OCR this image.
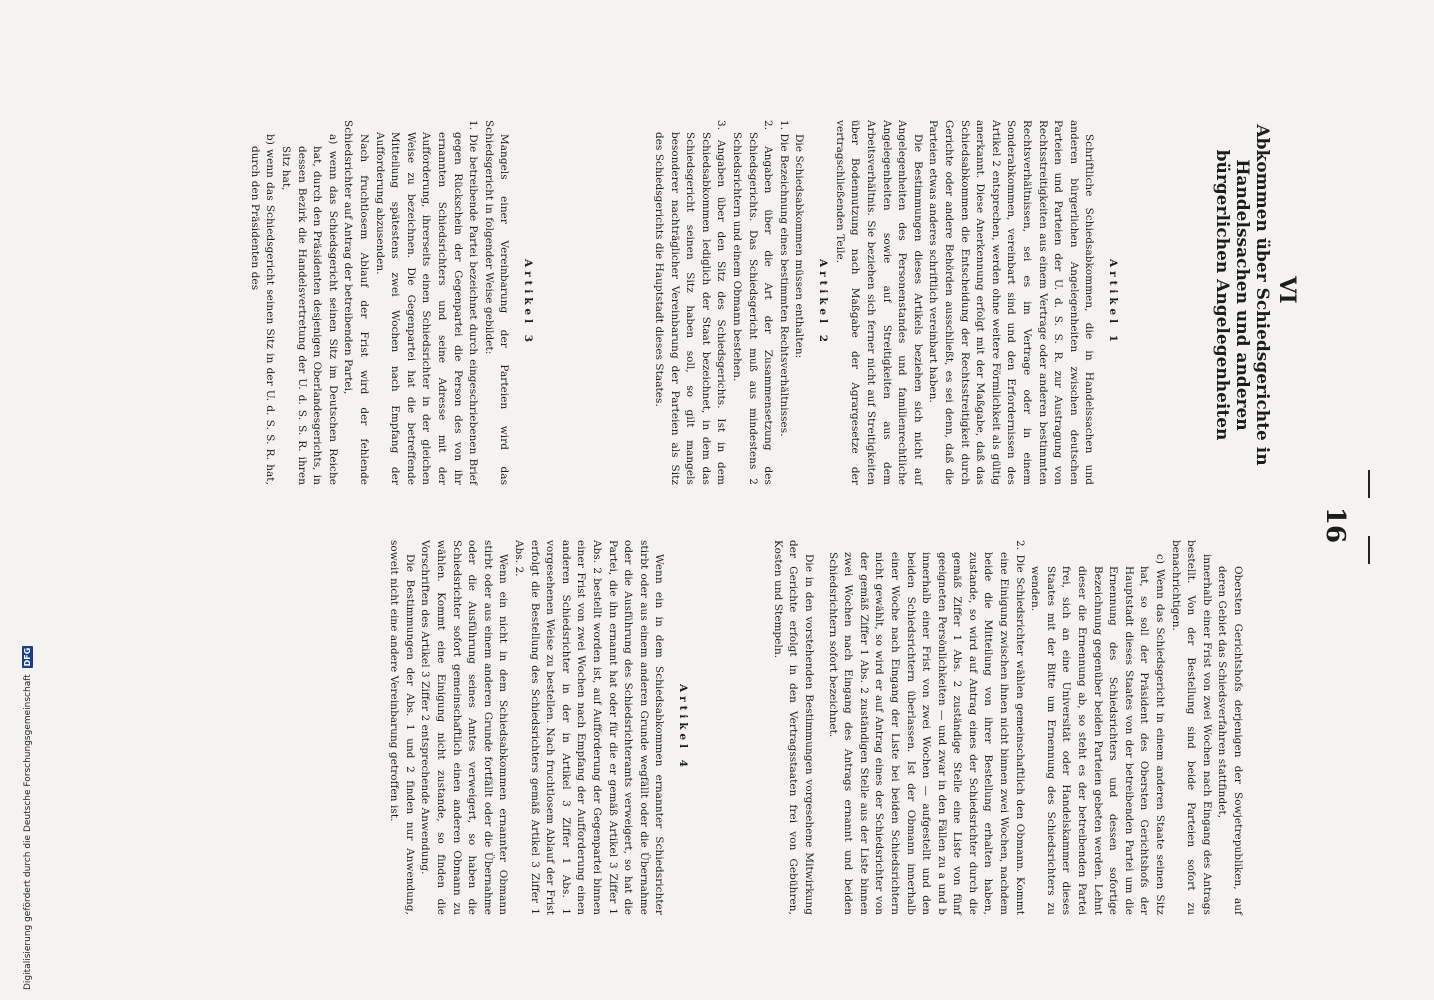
16
VI
Abkommen über Schiedsgerichte in Handelssachen und anderen bürgerlichen Angelegenheiten
Artikel 1

Schriftliche Schiedsabkommen, die in Handelssachen und anderen bürgerlichen Angelegenheiten zwischen deutschen Parteien und Parteien der U. d. S. S. R. zur Austragung von Rechtsstreitigkeiten aus einem Vertrage oder anderen bestimmten Rechtsverhältnissen, sei es im Vertrage oder in einem Sonderabkommen, vereinbart sind und den Erfordernissen des Artikel 2 entsprechen, werden ohne weitere Förmlichkeit als gültig anerkannt. Diese Anerkennung erfolgt mit der Maßgabe, daß das Schiedsabkommen die Entscheidung der Rechtsstreitigkeit durch Gerichte oder andere Behörden ausschließt, es sei denn, daß die Parteien etwas anderes schriftlich vereinbart haben.

Die Bestimmungen dieses Artikels beziehen sich nicht auf Angelegenheiten des Personenstandes und familienrechtliche Angelegenheiten sowie auf Streitigkeiten aus dem Arbeitsverhältnis. Sie beziehen sich ferner nicht auf Streitigkeiten über Bodennutzung nach Maßgabe der Agrargesetze der vertragschließenden Teile.

Artikel 2

Die Schiedsabkommen müssen enthalten:

1. Die Bezeichnung eines bestimmten Rechtsverhältnisses.

2. Angaben über die Art der Zusammensetzung des Schiedsgerichts. Das Schiedsgericht muß aus mindestens 2 Schiedsrichtern und einem Obmann bestehen.

3. Angaben über den Sitz des Schiedsgerichts. Ist in dem Schiedsabkommen lediglich der Staat bezeichnet, in dem das Schiedsgericht seinen Sitz haben soll, so gilt mangels besonderer nachträglicher Vereinbarung der Parteien als Sitz des Schiedsgerichts die Hauptstadt dieses Staates.

Artikel 3

Mangels einer Vereinbarung der Parteien wird das Schiedsgericht in folgender Weise gebildet:

1. Die betreibende Partei bezeichnet durch eingeschriebenen Brief gegen Rückschein der Gegenpartei die Person des von ihr ernannten Schiedsrichters und seine Adresse mit der Aufforderung, ihrerseits einen Schiedsrichter in der gleichen Weise zu bezeichnen. Die Gegenpartei hat die betreffende Mitteilung spätestens zwei Wochen nach Empfang der Aufforderung abzusenden.

Nach fruchtlosem Ablauf der Frist wird der fehlende Schiedsrichter auf Antrag der betreibenden Partei,

a) wenn das Schiedsgericht seinen Sitz im Deutschen Reiche hat, durch den Präsidenten desjenigen Oberlandesgerichts, in dessen Bezirk die Handelsvertretung der U. d. S. S. R. ihren Sitz hat,

b) wenn das Schiedsgericht seinen Sitz in der U. d. S. S. R. hat, durch den Präsidenten des

Obersten Gerichtshofs derjenigen der Sowjetrepubliken, auf deren Gebiet das Schiedsverfahren stattfindet,

innerhalb einer Frist von zwei Wochen nach Eingang des Antrags bestellt. Von der Bestellung sind beide Parteien sofort zu benachrichtigen.

c) Wenn das Schiedsgericht in einem anderen Staate seinen Sitz hat, so soll der Präsident des Obersten Gerichtshofs der Hauptstadt dieses Staates von der betreibenden Partei um die Ernennung des Schiedsrichters und dessen sofortige Bezeichnung gegenüber beiden Parteien gebeten werden. Lehnt dieser die Ernennung ab, so steht es der betreibenden Partei frei, sich an eine Universität oder Handelskammer dieses Staates mit der Bitte um Ernennung des Schiedsrichters zu wenden.

2. Die Schiedsrichter wählen gemeinschaftlich den Obmann. Kommt eine Einigung zwischen ihnen nicht binnen zwei Wochen, nachdem beide die Mitteilung von ihrer Bestellung erhalten haben, zustande, so wird auf Antrag eines der Schiedsrichter durch die gemäß Ziffer 1 Abs. 2 zuständige Stelle eine Liste von fünf geeigneten Persönlichkeiten — und zwar in den Fällen zu a und b innerhalb einer Frist von zwei Wochen — aufgestellt und den beiden Schiedsrichtern überlassen. Ist der Obmann innerhalb einer Woche nach Eingang der Liste bei beiden Schiedsrichtern nicht gewählt, so wird er auf Antrag eines der Schiedsrichter von der gemäß Ziffer 1 Abs. 2 zuständigen Stelle aus der Liste binnen zwei Wochen nach Eingang des Antrags ernannt und beiden Schiedsrichtern sofort bezeichnet.

Die in den vorstehenden Bestimmungen vorgesehene Mitwirkung der Gerichte erfolgt in den Vertragsstaaten frei von Gebühren, Kosten und Stempeln.

Artikel 4

Wenn ein in dem Schiedsabkommen ernannter Schiedsrichter stirbt oder aus einem anderen Grunde wegfällt oder die Übernahme oder die Ausführung des Schiedsrichteramts verweigert, so hat die Partei, die ihn ernannt hat oder für die er gemäß Artikel 3 Ziffer 1 Abs. 2 bestellt worden ist, auf Aufforderung der Gegenpartei binnen einer Frist von zwei Wochen nach Empfang der Aufforderung einen anderen Schiedsrichter in der in Artikel 3 Ziffer 1 Abs. 1 vorgesehenen Weise zu bestellen. Nach fruchtlosem Ablauf der Frist erfolgt die Bestellung des Schiedsrichters gemäß Artikel 3 Ziffer 1 Abs. 2.

Wenn ein nicht in dem Schiedsabkommen ernannter Obmann stirbt oder aus einem anderen Grunde fortfällt oder die Übernahme oder die Ausführung seines Amtes verweigert, so haben die Schiedsrichter sofort gemeinschaftlich einen anderen Obmann zu wählen. Kommt eine Einigung nicht zustande, so finden die Vorschriften des Artikel 3 Ziffer 2 entsprechende Anwendung.

Die Bestimmungen der Abs. 1 und 2 finden nur Anwendung, soweit nicht eine andere Vereinbarung getroffen ist.

Digitalisierung gefördert durch die Deutsche Forschungsgemeinschaft DFG
